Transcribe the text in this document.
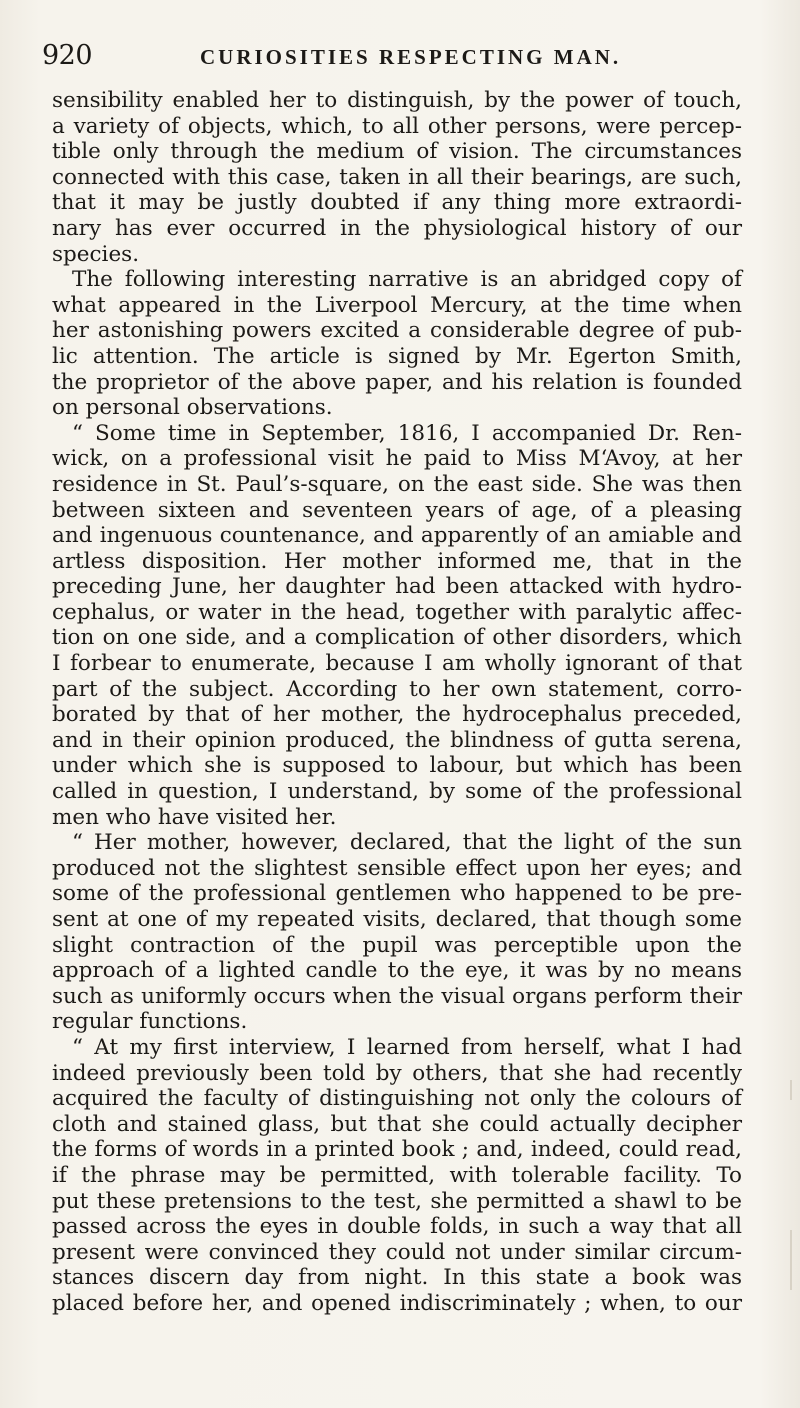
920	CURIOSITIES RESPECTING MAN.
sensibility enabled her to distinguish, by the power of touch,
a variety of objects, which, to all other persons, were percep-
tible only through the medium of vision. The circumstances
connected with this case, taken in all their bearings, are such,
that it may be justly doubted if any thing more extraordi-
nary has ever occurred in the physiological history of our
species.
The following interesting narrative is an abridged copy of
what appeared in the Liverpool Mercury, at the time when
her astonishing powers excited a considerable degree of pub-
lic attention. The article is signed by Mr. Egerton Smith,
the proprietor of the above paper, and his relation is founded
on personal observations.
“ Some time in September, 1816, I accompanied Dr. Ren-
wick, on a professional visit he paid to Miss M‘Avoy, at her
residence in St. Paul’s-square, on the east side. She was then
between sixteen and seventeen years of age, of a pleasing
and ingenuous countenance, and apparently of an amiable and
artless disposition. Her mother informed me, that in the
preceding June, her daughter had been attacked with hydro-
cephalus, or water in the head, together with paralytic affec-
tion on one side, and a complication of other disorders, which
I forbear to enumerate, because I am wholly ignorant of that
part of the subject. According to her own statement, corro-
borated by that of her mother, the hydrocephalus preceded,
and in their opinion produced, the blindness of gutta serena,
under which she is supposed to labour, but which has been
called in question, I understand, by some of the professional
men who have visited her.
“ Her mother, however, declared, that the light of the sun
produced not the slightest sensible effect upon her eyes; and
some of the professional gentlemen who happened to be pre-
sent at one of my repeated visits, declared, that though some
slight contraction of the pupil was perceptible upon the
approach of a lighted candle to the eye, it was by no means
such as uniformly occurs when the visual organs perform their
regular functions.
“ At my first interview, I learned from herself, what I had
indeed previously been told by others, that she had recently
acquired the faculty of distinguishing not only the colours of
cloth and stained glass, but that she could actually decipher
the forms of words in a printed book ; and, indeed, could read,
if the phrase may be permitted, with tolerable facility. To
put these pretensions to the test, she permitted a shawl to be
passed across the eyes in double folds, in such a way that all
present were convinced they could not under similar circum-
stances discern day from night. In this state a book was
placed before her, and opened indiscriminately ; when, to our
